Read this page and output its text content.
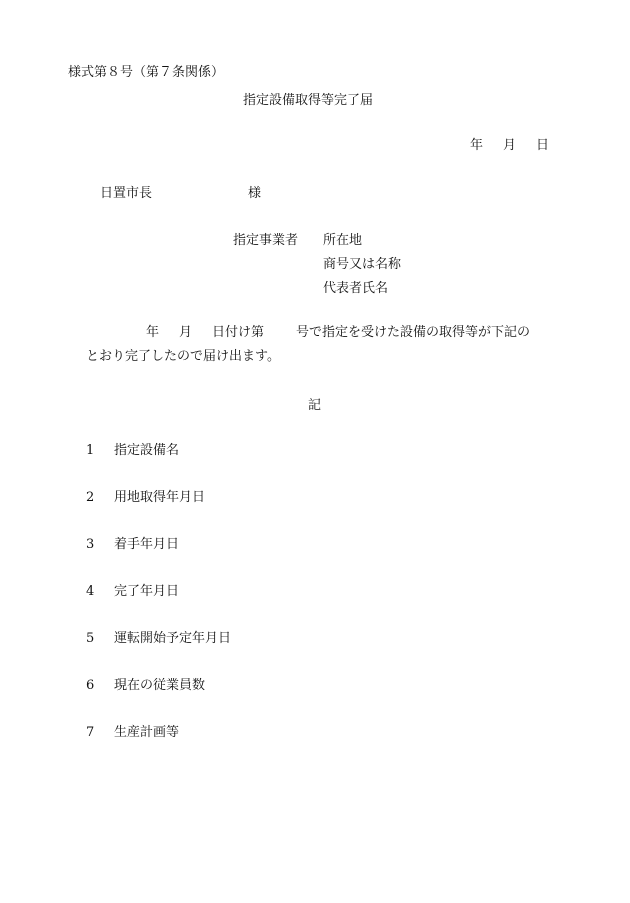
様式第８号（第７条関係）
指定設備取得等完了届
年 月 日
日置市長	様
指定事業者 所在地
商号又は名称
代表者氏名
年 月 日付け第 号で指定を受けた設備の取得等が下記の
とおり完了したので届け出ます。
記
1 指定設備名
2 用地取得年月日
3 着手年月日
4 完了年月日
5 運転開始予定年月日
6 現在の従業員数
7 生産計画等
